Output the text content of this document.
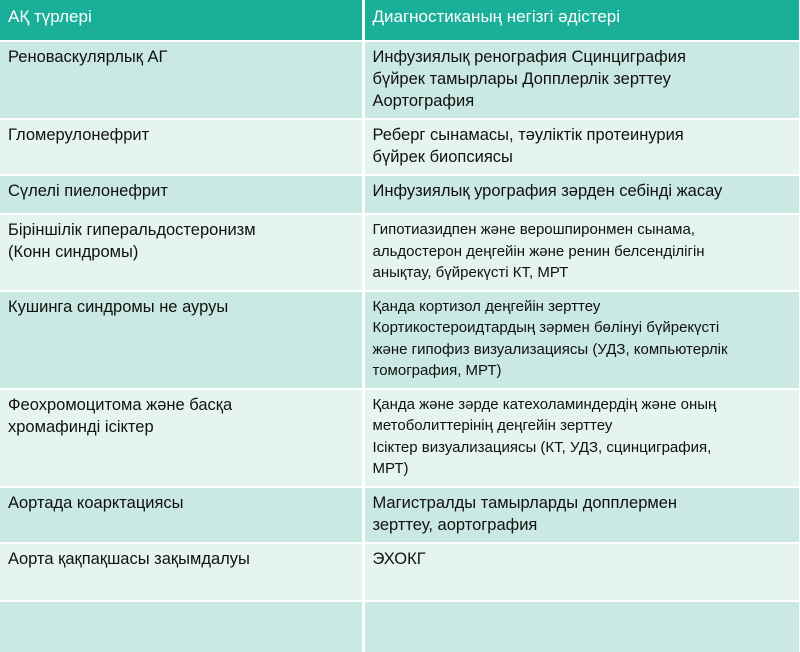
АҚ түрлері	Диагностиканың негізгі әдістері

Реноваскулярлық АГ	Инфузиялық ренография Сцинциграфия
бүйрек тамырлары Допплерлік зерттеу
Аортография

Гломерулонефрит	Реберг сынамасы, тәуліктік протеинурия
бүйрек биопсиясы

Сүлелі пиелонефрит	Инфузиялық урография зәрден себінді жасау

Біріншілік гиперальдостеронизм
(Конн синдромы)	Гипотиазидпен және верошпиронмен сынама,
альдостерон деңгейін және ренин белсенділігін
анықтау, бүйрекүсті КТ, МРТ

Кушинга синдромы не ауруы	Қанда кортизол деңгейін зерттеу
Кортикостероидтардың зәрмен бөлінуі бүйрекүсті
және гипофиз визуализациясы (УДЗ, компьютерлік
томография, МРТ)

Феохромоцитома және басқа
хромафинді ісіктер	Қанда және зәрде катехоламиндердің және оның
метоболиттерінің деңгейін зерттеу
Ісіктер визуализациясы (КТ, УДЗ, сцинциграфия,
МРТ)

Аортада коарктациясы	Магистралды тамырларды допплермен
зерттеу, аортография

Аорта қақпақшасы зақымдалуы	ЭХОКГ
